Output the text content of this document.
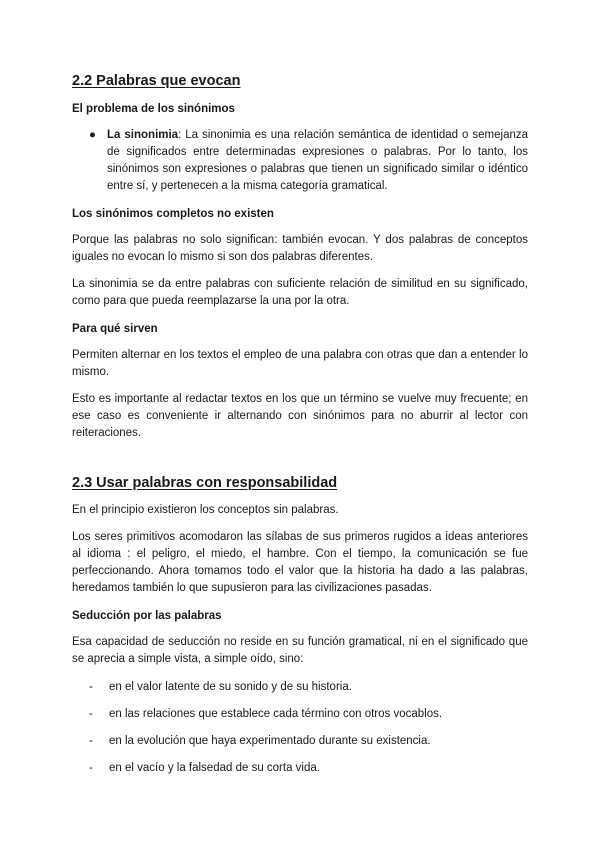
2.2 Palabras que evocan
El problema de los sinónimos
● La sinonimia: La sinonimia es una relación semántica de identidad o semejanza de significados entre determinadas expresiones o palabras. Por lo tanto, los sinónimos son expresiones o palabras que tienen un significado similar o idéntico entre sí, y pertenecen a la misma categoría gramatical.
Los sinónimos completos no existen

Porque las palabras no solo significan: también evocan. Y dos palabras de conceptos iguales no evocan lo mismo si son dos palabras diferentes.

La sinonimia se da entre palabras con suficiente relación de similitud en su significado, como para que pueda reemplazarse la una por la otra.

Para qué sirven

Permiten alternar en los textos el empleo de una palabra con otras que dan a entender lo mismo.

Esto es importante al redactar textos en los que un término se vuelve muy frecuente; en ese caso es conveniente ir alternando con sinónimos para no aburrir al lector con reiteraciones.

2.3 Usar palabras con responsabilidad

En el principio existieron los conceptos sin palabras.

Los seres primitivos acomodaron las sílabas de sus primeros rugidos a ideas anteriores al idioma : el peligro, el miedo, el hambre. Con el tiempo, la comunicación se fue perfeccionando. Ahora tomamos todo el valor que la historia ha dado a las palabras, heredamos también lo que supusieron para las civilizaciones pasadas.

Seducción por las palabras

Esa capacidad de seducción no reside en su función gramatical, ni en el significado que se aprecia a simple vista, a simple oído, sino:

-	en el valor latente de su sonido y de su historia.
-	en las relaciones que establece cada término con otros vocablos.
-	en la evolución que haya experimentado durante su existencia.
-	en el vacío y la falsedad de su corta vida.
